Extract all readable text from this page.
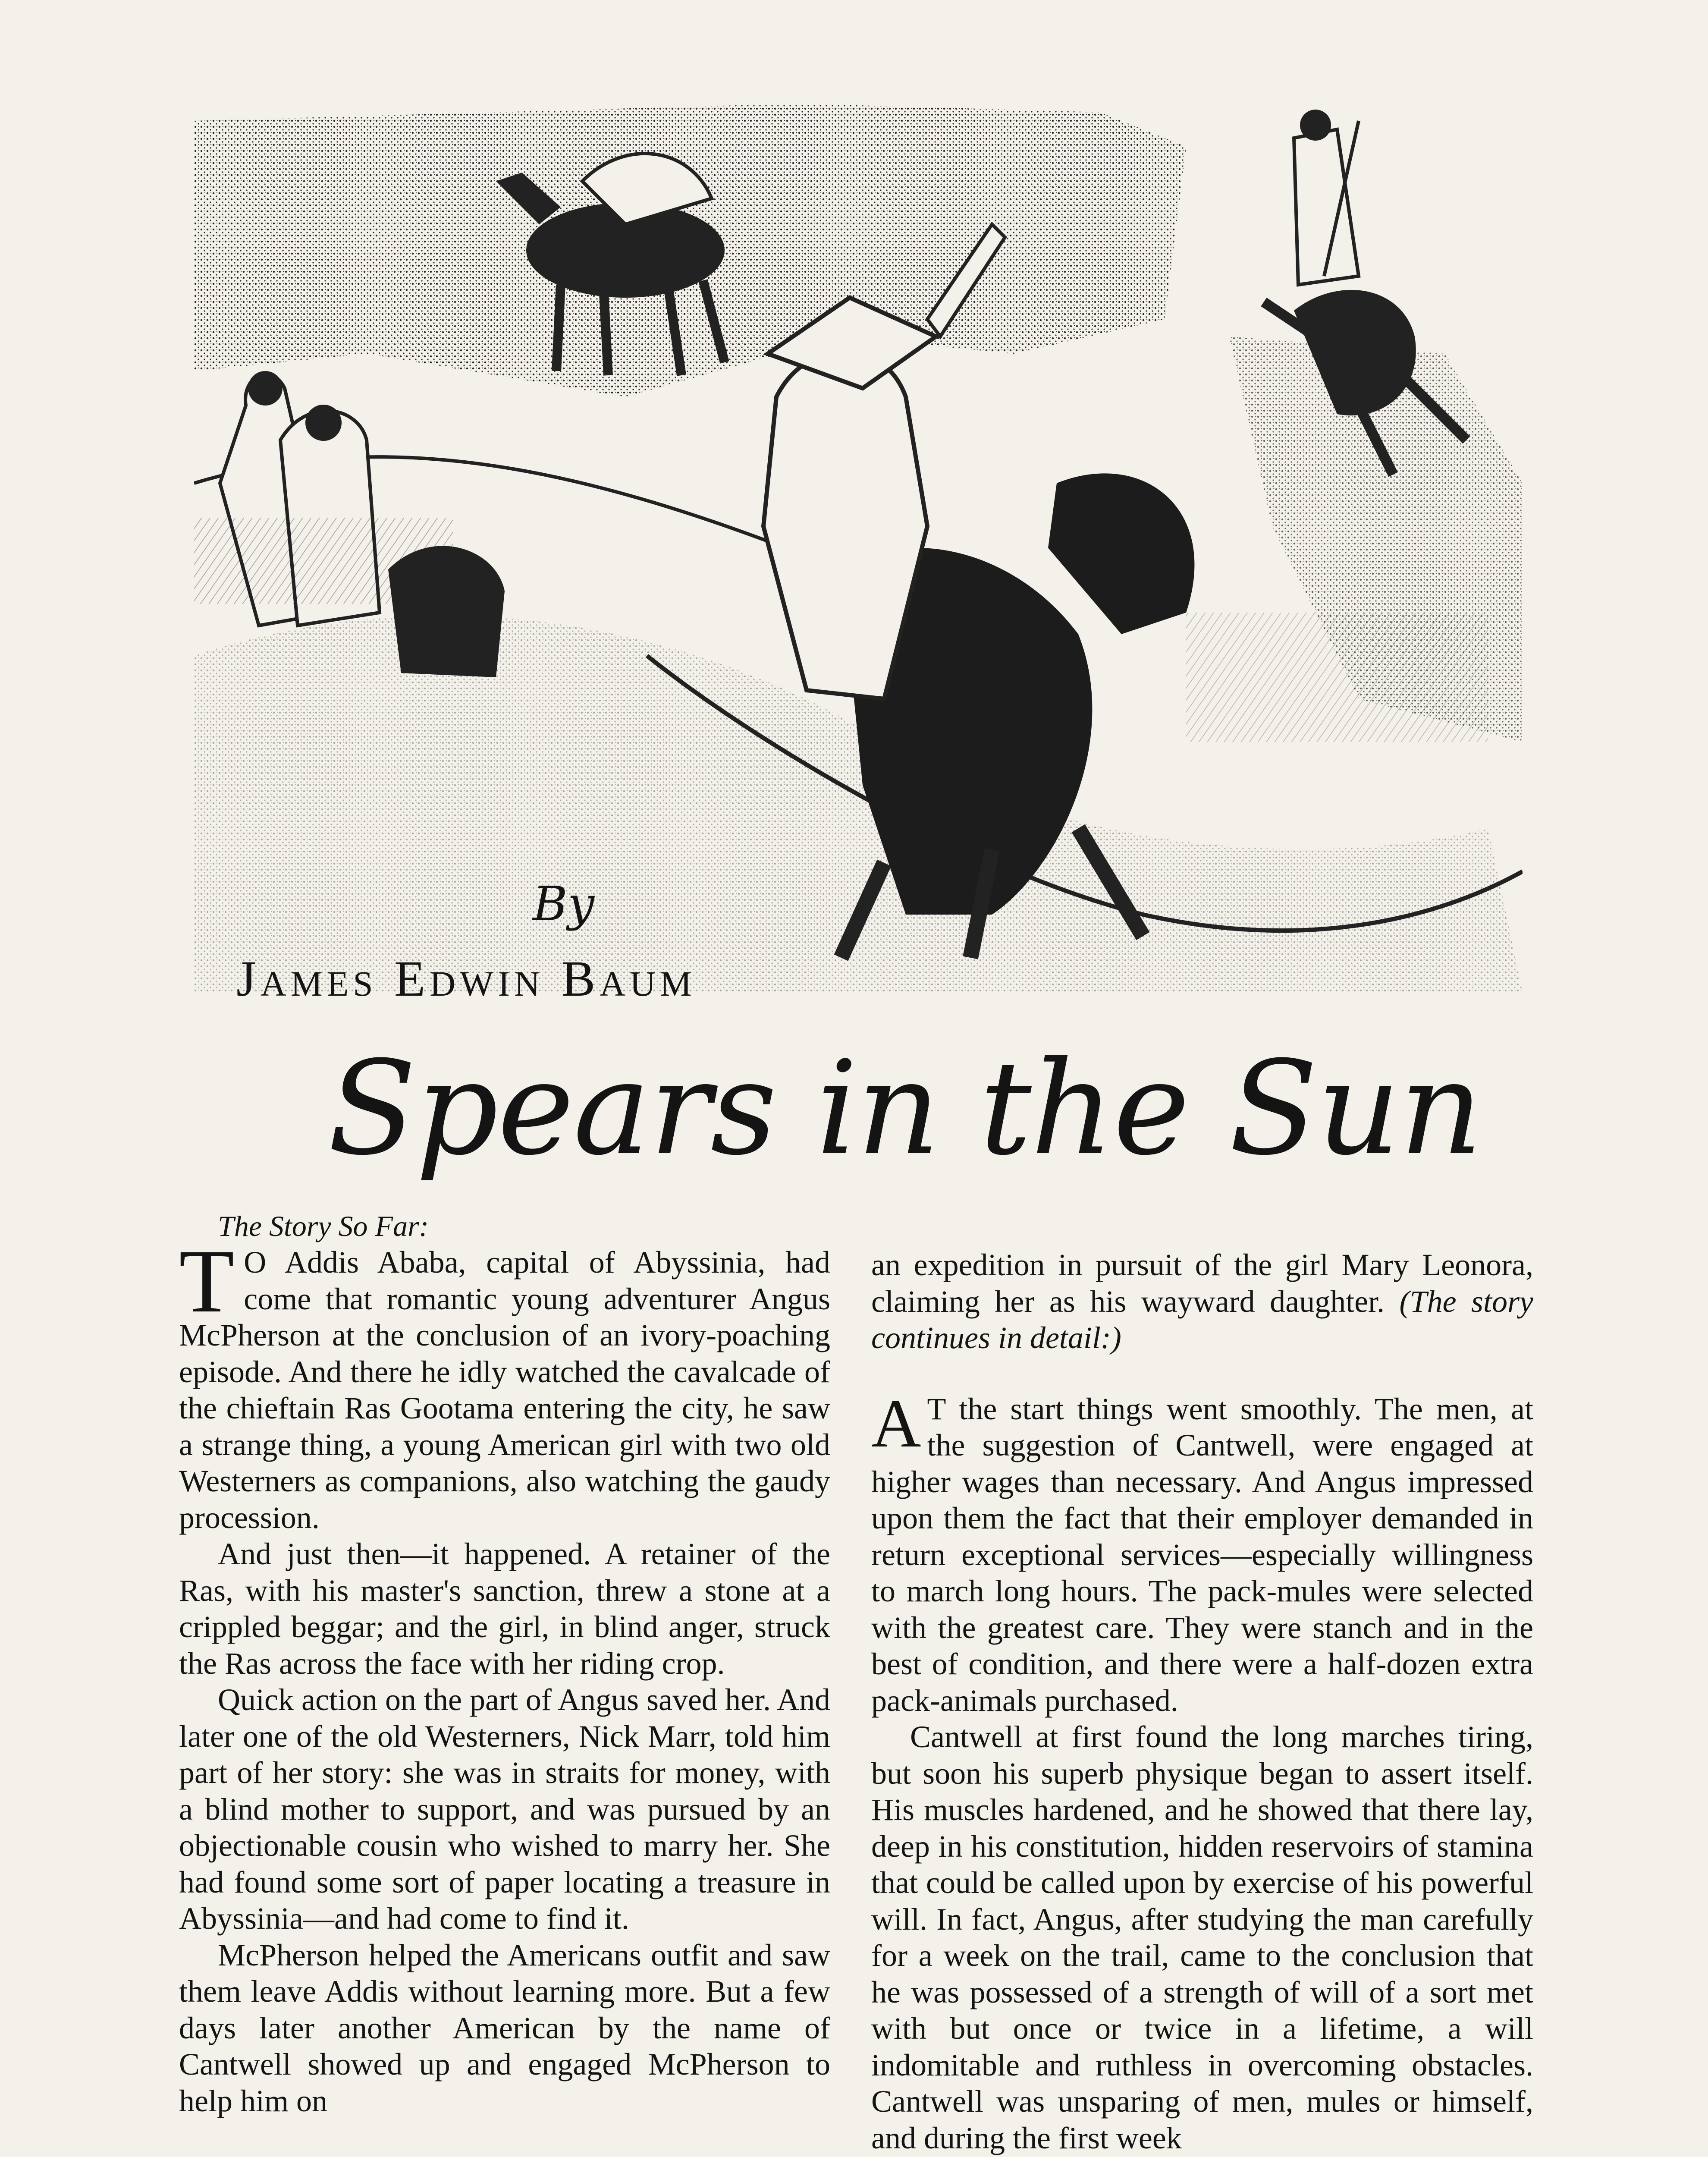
By
James Edwin Baum
Spears in the Sun

The Story So Far:

T O Addis Ababa, capital of Abyssinia, had come that romantic young adventurer Angus McPherson at the conclusion of an ivory-poaching episode. And there he idly watched the cavalcade of the chieftain Ras Gootama entering the city, he saw a strange thing, a young American girl with two old Westerners as companions, also watching the gaudy procession.

And just then—it happened. A retainer of the Ras, with his master's sanction, threw a stone at a crippled beggar; and the girl, in blind anger, struck the Ras across the face with her riding crop.

Quick action on the part of Angus saved her. And later one of the old Westerners, Nick Marr, told him part of her story: she was in straits for money, with a blind mother to support, and was pursued by an objectionable cousin who wished to marry her. She had found some sort of paper locating a treasure in Abyssinia—and had come to find it.

McPherson helped the Americans outfit and saw them leave Addis without learning more. But a few days later another American by the name of Cantwell showed up and engaged McPherson to help him on

an expedition in pursuit of the girl Mary Leonora, claiming her as his wayward daughter. (The story continues in detail:)

A T the start things went smoothly. The men, at the suggestion of Cantwell, were engaged at higher wages than necessary. And Angus impressed upon them the fact that their employer demanded in return exceptional services—especially willingness to march long hours. The pack-mules were selected with the greatest care. They were stanch and in the best of condition, and there were a half-dozen extra pack-animals purchased.

Cantwell at first found the long marches tiring, but soon his superb physique began to assert itself. His muscles hardened, and he showed that there lay, deep in his constitution, hidden reservoirs of stamina that could be called upon by exercise of his powerful will. In fact, Angus, after studying the man carefully for a week on the trail, came to the conclusion that he was possessed of a strength of will of a sort met with but once or twice in a lifetime, a will indomitable and ruthless in overcoming obstacles. Cantwell was unsparing of men, mules or himself, and during the first week
